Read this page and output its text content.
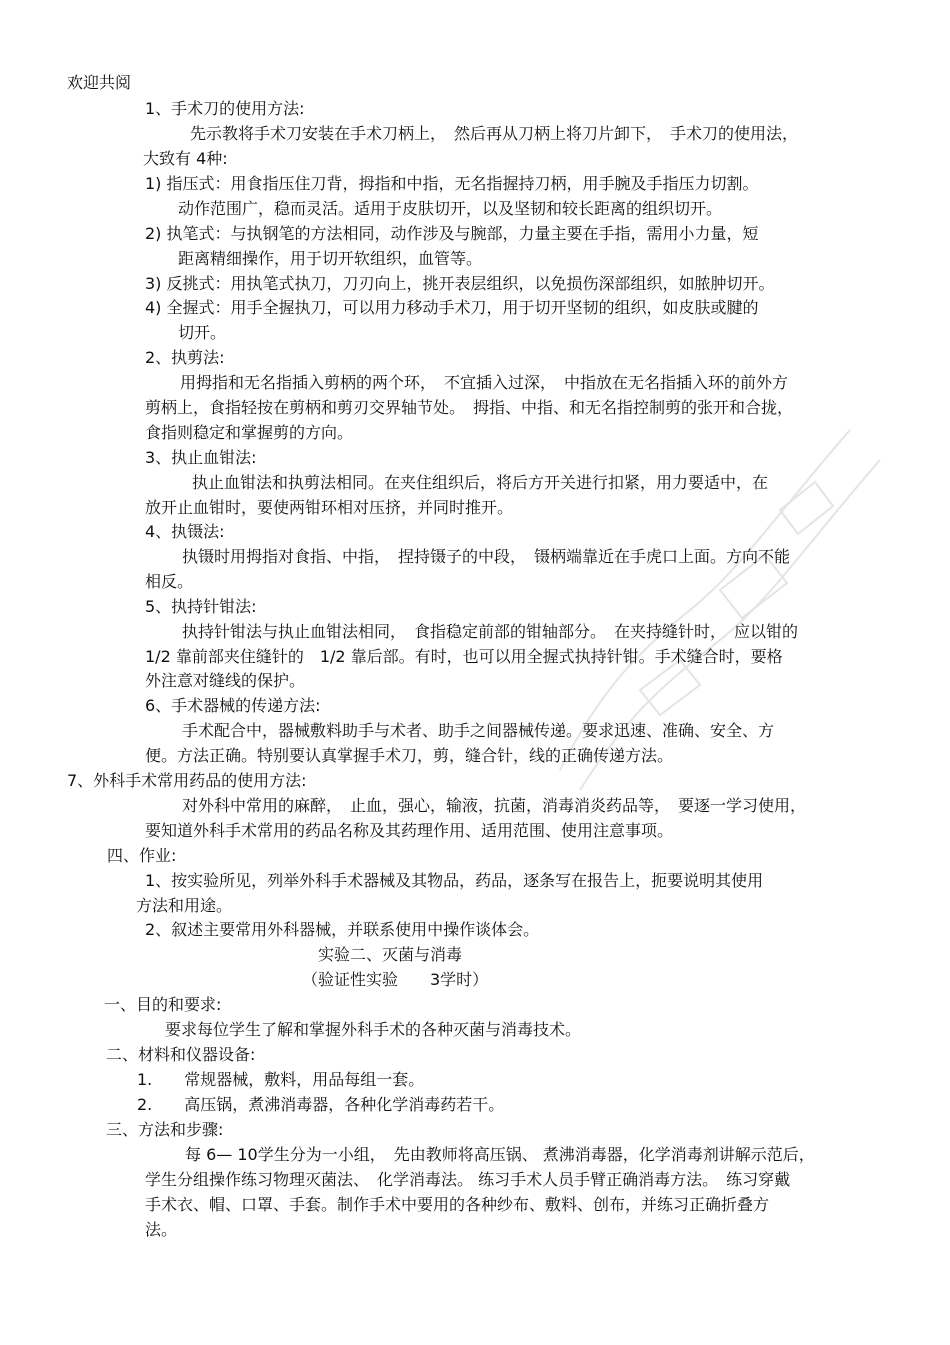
欢迎共阅
1、手术刀的使用方法:
先示教将手术刀安装在手术刀柄上，　然后再从刀柄上将刀片卸下，　手术刀的使用法，
大致有 4种:
1) 指压式：用食指压住刀背，拇指和中指，无名指握持刀柄，用手腕及手指压力切割。
动作范围广，稳而灵活。适用于皮肤切开，以及坚韧和较长距离的组织切开。
2) 执笔式：与执钢笔的方法相同，动作涉及与腕部，力量主要在手指，需用小力量，短
距离精细操作，用于切开软组织，血管等。
3) 反挑式：用执笔式执刀，刀刃向上，挑开表层组织，以免损伤深部组织，如脓肿切开。
4) 全握式：用手全握执刀，可以用力移动手术刀，用于切开坚韧的组织，如皮肤或腱的
切开。
2、执剪法:
用拇指和无名指插入剪柄的两个环，　不宜插入过深，　中指放在无名指插入环的前外方
剪柄上，食指轻按在剪柄和剪刃交界轴节处。　拇指、中指、和无名指控制剪的张开和合拢，
食指则稳定和掌握剪的方向。
3、执止血钳法:
执止血钳法和执剪法相同。在夹住组织后，将后方开关进行扣紧，用力要适中，在
放开止血钳时，要使两钳环相对压挤，并同时推开。
4、执镊法:
执镊时用拇指对食指、中指，　捏持镊子的中段，　镊柄端靠近在手虎口上面。方向不能
相反。
5、执持针钳法:
执持针钳法与执止血钳法相同，　食指稳定前部的钳轴部分。　在夹持缝针时，　应以钳的
1/2 靠前部夹住缝针的　1/2 靠后部。有时，也可以用全握式执持针钳。手术缝合时，要格
外注意对缝线的保护。
6、手术器械的传递方法:
手术配合中，器械敷料助手与术者、助手之间器械传递。要求迅速、准确、安全、方
便。方法正确。特别要认真掌握手术刀，剪，缝合针，线的正确传递方法。
7、外科手术常用药品的使用方法:
对外科中常用的麻醉，　止血，强心，输液，抗菌，消毒消炎药品等，　要逐一学习使用，
要知道外科手术常用的药品名称及其药理作用、适用范围、使用注意事项。
四、作业:
1、按实验所见，列举外科手术器械及其物品，药品，逐条写在报告上，扼要说明其使用
方法和用途。
2、叙述主要常用外科器械，并联系使用中操作谈体会。
实验二、灭菌与消毒
（验证性实验　　3学时）
一、目的和要求:
要求每位学生了解和掌握外科手术的各种灭菌与消毒技术。
二、材料和仪器设备:
1.　　常规器械，敷料，用品每组一套。
2.　　高压锅，煮沸消毒器，各种化学消毒药若干。
三、方法和步骤:
每 6— 10学生分为一小组，　先由教师将高压锅、 煮沸消毒器，化学消毒剂讲解示范后，
学生分组操作练习物理灭菌法、　化学消毒法。 练习手术人员手臂正确消毒方法。　练习穿戴
手术衣、帽、口罩、手套。制作手术中要用的各种纱布、敷料、创布，并练习正确折叠方
法。
